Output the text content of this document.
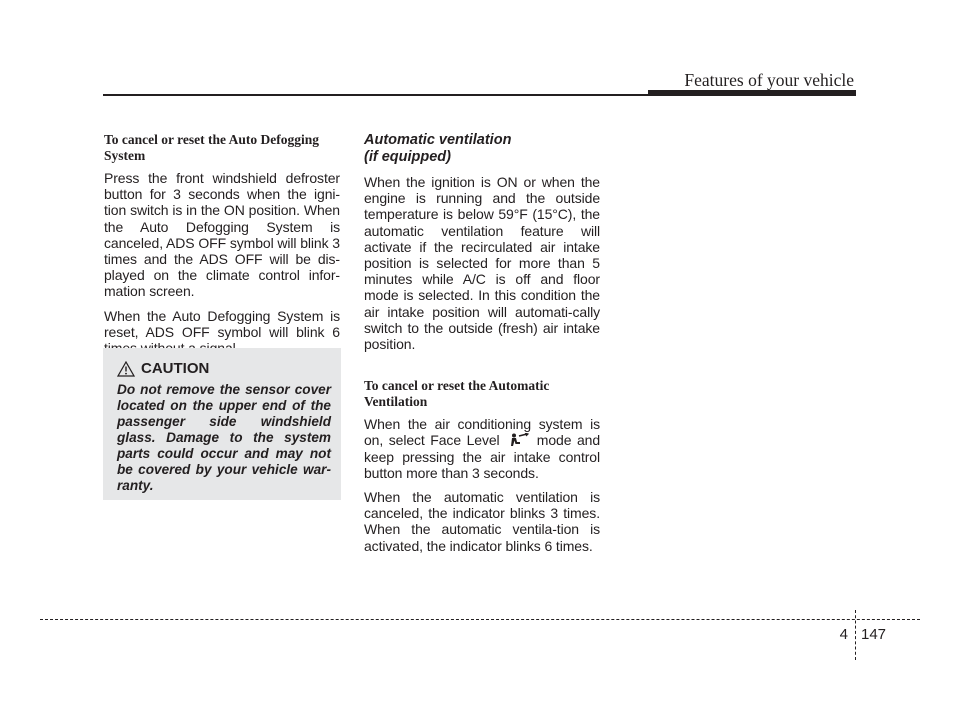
Features of your vehicle
To cancel or reset the Auto Defogging System

Press the front windshield defroster button for 3 seconds when the igni-tion switch is in the ON position. When the Auto Defogging System is canceled, ADS OFF symbol will blink 3 times and the ADS OFF will be dis-played on the climate control infor-mation screen.

When the Auto Defogging System is reset, ADS OFF symbol will blink 6

CAUTION
Do not remove the sensor cover located on the upper end of the passenger side windshield glass. Damage to the system parts could occur and may not be covered by your vehicle war-ranty.
Automatic ventilation
(if equipped)

When the ignition is ON or when the engine is running and the outside temperature is below 59°F (15°C), the automatic ventilation feature will activate if the recirculated air intake position is selected for more than 5 minutes while A/C is off and floor mode is selected. In this condition the air intake position will automati-cally switch to the outside (fresh) air intake position.

To cancel or reset the Automatic Ventilation

When the air conditioning system is on, select Face Level	mode and keep pressing the air intake control button more than 3 seconds.

When the automatic ventilation is canceled, the indicator blinks 3 times. When the automatic ventila-tion is activated, the indicator blinks 6 times.

4 147
